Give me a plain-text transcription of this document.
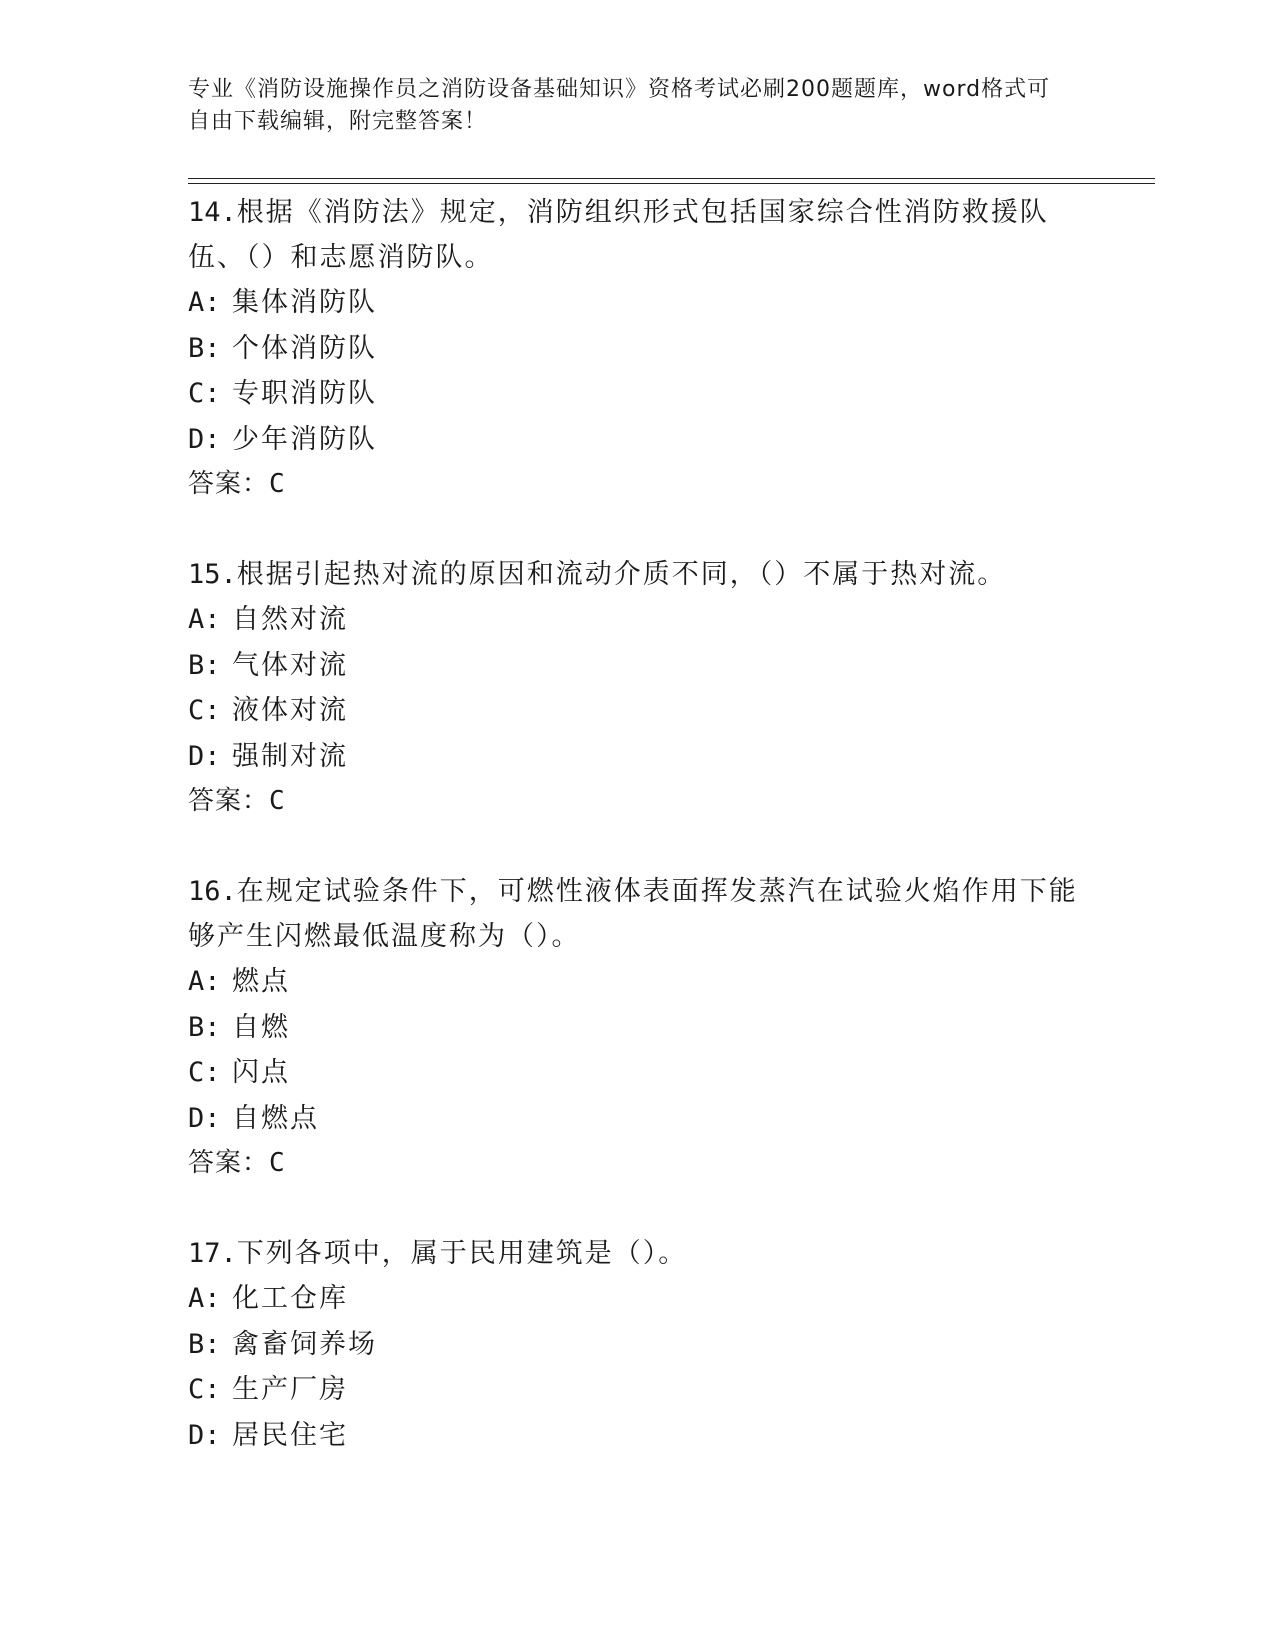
专业《消防设施操作员之消防设备基础知识》资格考试必刷200题题库，word格式可自由下载编辑，附完整答案！

14.根据《消防法》规定，消防组织形式包括国家综合性消防救援队伍、（）和志愿消防队。

A: 集体消防队

B: 个体消防队

C: 专职消防队

D: 少年消防队

答案：C

15.根据引起热对流的原因和流动介质不同，（）不属于热对流。

A: 自然对流

B: 气体对流

C: 液体对流

D: 强制对流

答案：C

16.在规定试验条件下，可燃性液体表面挥发蒸汽在试验火焰作用下能够产生闪燃最低温度称为（）。

A: 燃点

B: 自燃

C: 闪点

D: 自燃点

答案：C

17.下列各项中，属于民用建筑是（）。

A: 化工仓库

B: 禽畜饲养场

C: 生产厂房

D: 居民住宅
